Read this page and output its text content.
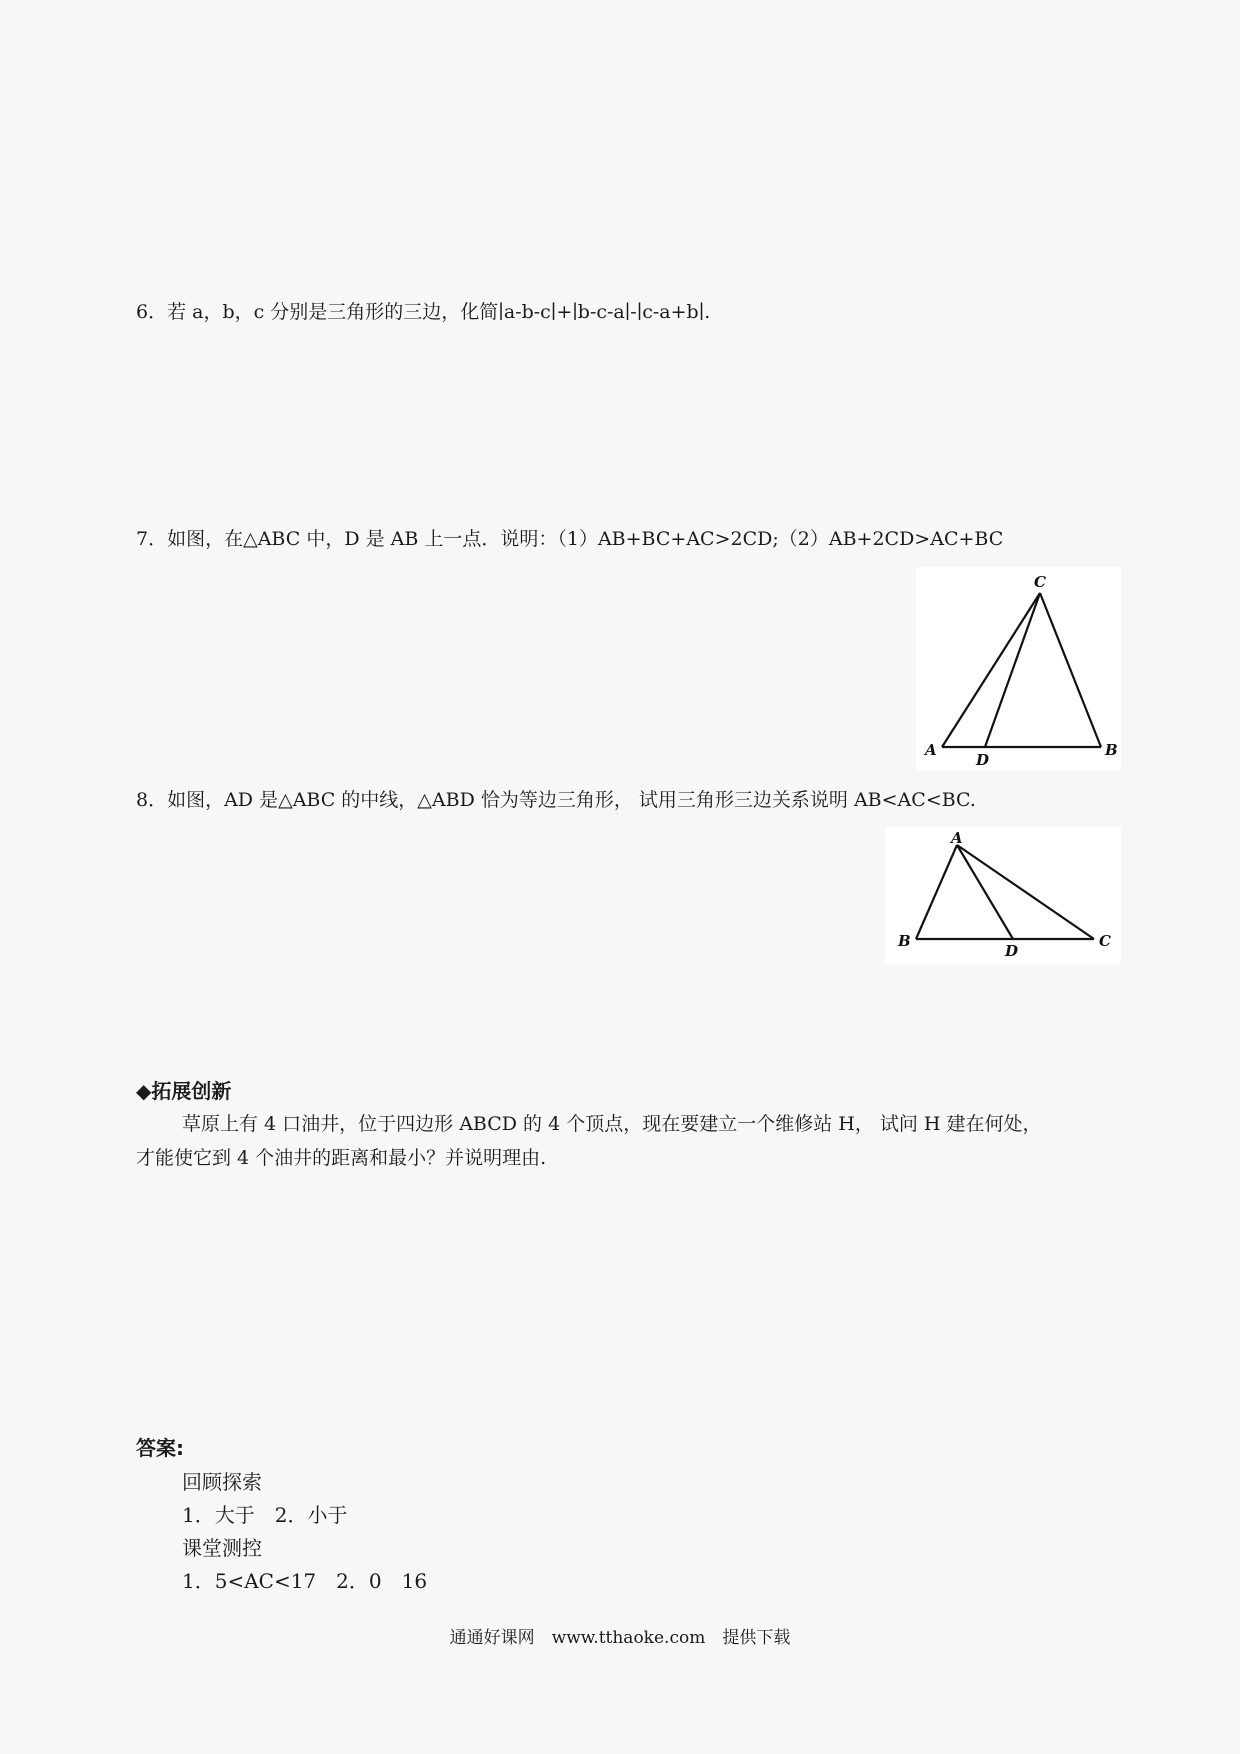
6．若 a，b，c 分别是三角形的三边，化简∣a-b-c∣+∣b-c-a∣-∣c-a+b∣.
7．如图，在△ABC 中，D 是 AB 上一点．说明：（1）AB+BC+AC>2CD;（2）AB+2CD>AC+BC
C
A
D
B
8．如图，AD 是△ABC 的中线，△ABD 恰为等边三角形， 试用三角形三边关系说明 AB<AC<BC.
A
B
D
C
◆拓展创新
草原上有 4 口油井，位于四边形 ABCD 的 4 个顶点，现在要建立一个维修站 H， 试问 H 建在何处，
才能使它到 4 个油井的距离和最小？并说明理由.
答案:
回顾探索
1．大于　2．小于
课堂测控
1．5<AC<17　2．0　16
通通好课网　www.tthaoke.com　提供下载
